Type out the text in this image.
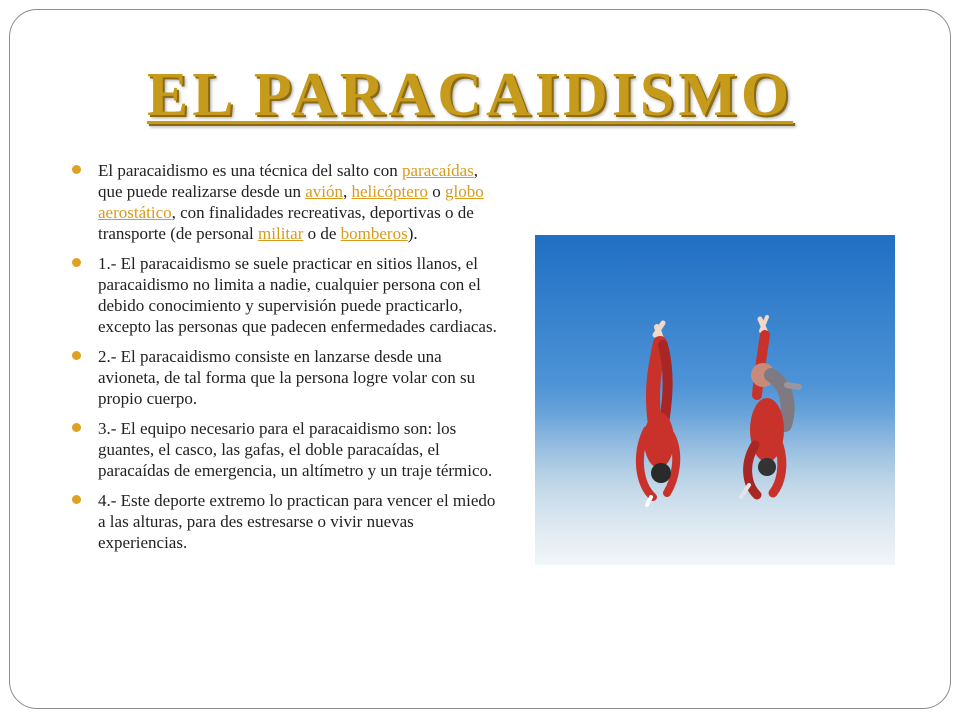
EL PARACAIDISMO
El paracaidismo es una técnica del salto con paracaídas, que puede realizarse desde un avión, helicóptero o globo aerostático, con finalidades recreativas, deportivas o de transporte (de personal militar o de bomberos).
1.- El paracaidismo se suele practicar en sitios llanos, el paracaidismo no limita a nadie, cualquier persona con el debido conocimiento y supervisión puede practicarlo, excepto las personas que padecen enfermedades cardiacas.
2.- El paracaidismo consiste en lanzarse desde una avioneta, de tal forma que la persona logre volar con su propio cuerpo.
3.- El equipo necesario para el paracaidismo son: los guantes, el casco, las gafas, el doble paracaídas, el paracaídas de emergencia, un altímetro y un traje térmico.
4.- Este deporte extremo lo practican para vencer el miedo a las alturas, para des estresarse o vivir nuevas experiencias.
